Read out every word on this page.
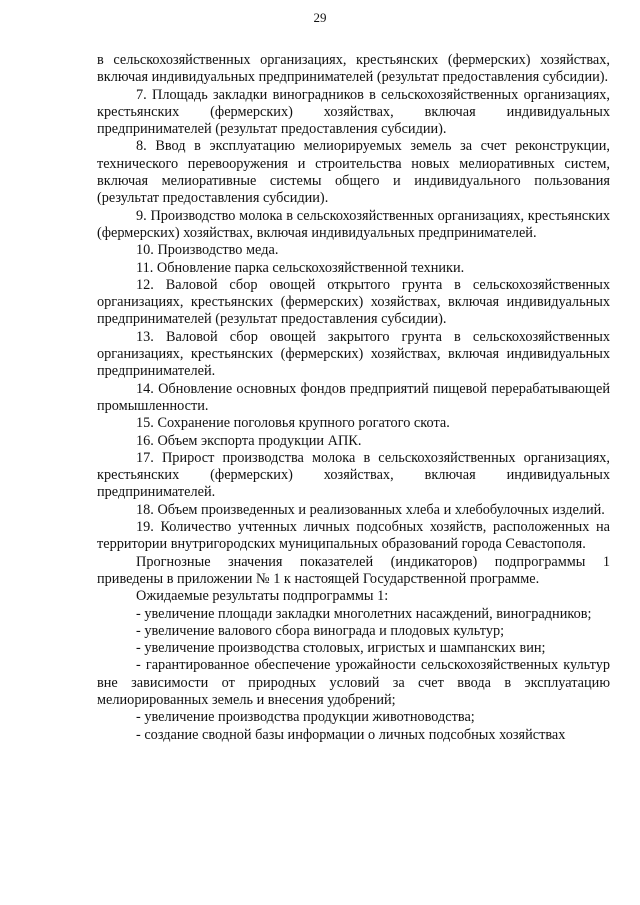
29

в сельскохозяйственных организациях, крестьянских (фермерских) хозяйствах, включая индивидуальных предпринимателей (результат предоставления субсидии).

7. Площадь закладки виноградников в сельскохозяйственных организациях, крестьянских (фермерских) хозяйствах, включая индивидуальных предпринимателей (результат предоставления субсидии).

8. Ввод в эксплуатацию мелиорируемых земель за счет реконструкции, технического перевооружения и строительства новых мелиоративных систем, включая мелиоративные системы общего и индивидуального пользования (результат предоставления субсидии).

9. Производство молока в сельскохозяйственных организациях, крестьянских (фермерских) хозяйствах, включая индивидуальных предпринимателей.

10. Производство меда.

11. Обновление парка сельскохозяйственной техники.

12. Валовой сбор овощей открытого грунта в сельскохозяйственных организациях, крестьянских (фермерских) хозяйствах, включая индивидуальных предпринимателей (результат предоставления субсидии).

13. Валовой сбор овощей закрытого грунта в сельскохозяйственных организациях, крестьянских (фермерских) хозяйствах, включая индивидуальных предпринимателей.

14. Обновление основных фондов предприятий пищевой перерабатывающей промышленности.

15. Сохранение поголовья крупного рогатого скота.

16. Объем экспорта продукции АПК.

17. Прирост производства молока в сельскохозяйственных организациях, крестьянских (фермерских) хозяйствах, включая индивидуальных предпринимателей.

18. Объем произведенных и реализованных хлеба и хлебобулочных изделий.

19. Количество учтенных личных подсобных хозяйств, расположенных на территории внутригородских муниципальных образований города Севастополя.

Прогнозные значения показателей (индикаторов) подпрограммы 1 приведены в приложении № 1 к настоящей Государственной программе.

Ожидаемые результаты подпрограммы 1:

- увеличение площади закладки многолетних насаждений, виноградников;

- увеличение валового сбора винограда и плодовых культур;

- увеличение производства столовых, игристых и шампанских вин;

- гарантированное обеспечение урожайности сельскохозяйственных культур вне зависимости от природных условий за счет ввода в эксплуатацию мелиорированных земель и внесения удобрений;

- увеличение производства продукции животноводства;

- создание сводной базы информации о личных подсобных хозяйствах
